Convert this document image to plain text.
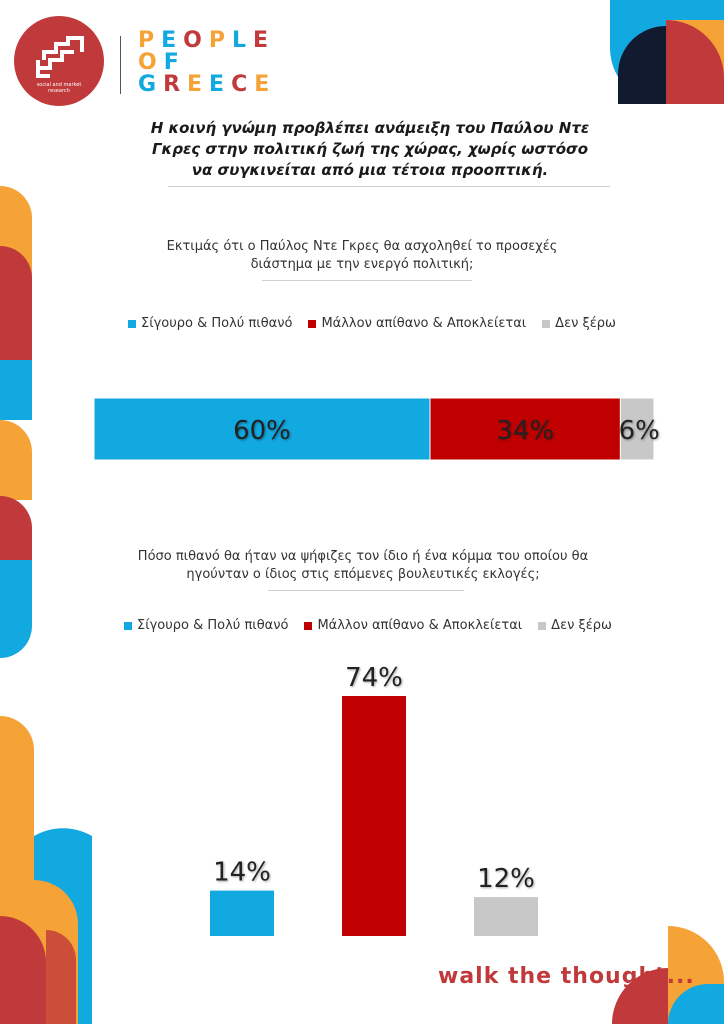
social and market research
PEOPLE
OF
GREECE
Η κοινή γνώμη προβλέπει ανάμειξη του Παύλου Ντε Γκρες στην πολιτική ζωή της χώρας, χωρίς ωστόσο να συγκινείται από μια τέτοια προοπτική.
Εκτιμάς ότι ο Παύλος Ντε Γκρες θα ασχοληθεί το προσεχές διάστημα με την ενεργό πολιτική;
Σίγουρο & Πολύ πιθανό Μάλλον απίθανο & Αποκλείεται Δεν ξέρω
60%	34% 6%
Πόσο πιθανό θα ήταν να ψήφιζες τον ίδιο ή ένα κόμμα του οποίου θα ηγούνταν ο ίδιος στις επόμενες βουλευτικές εκλογές;
Σίγουρο & Πολύ πιθανό Μάλλον απίθανο & Αποκλείεται Δεν ξέρω
14%
74%
12%
walk the thought...
